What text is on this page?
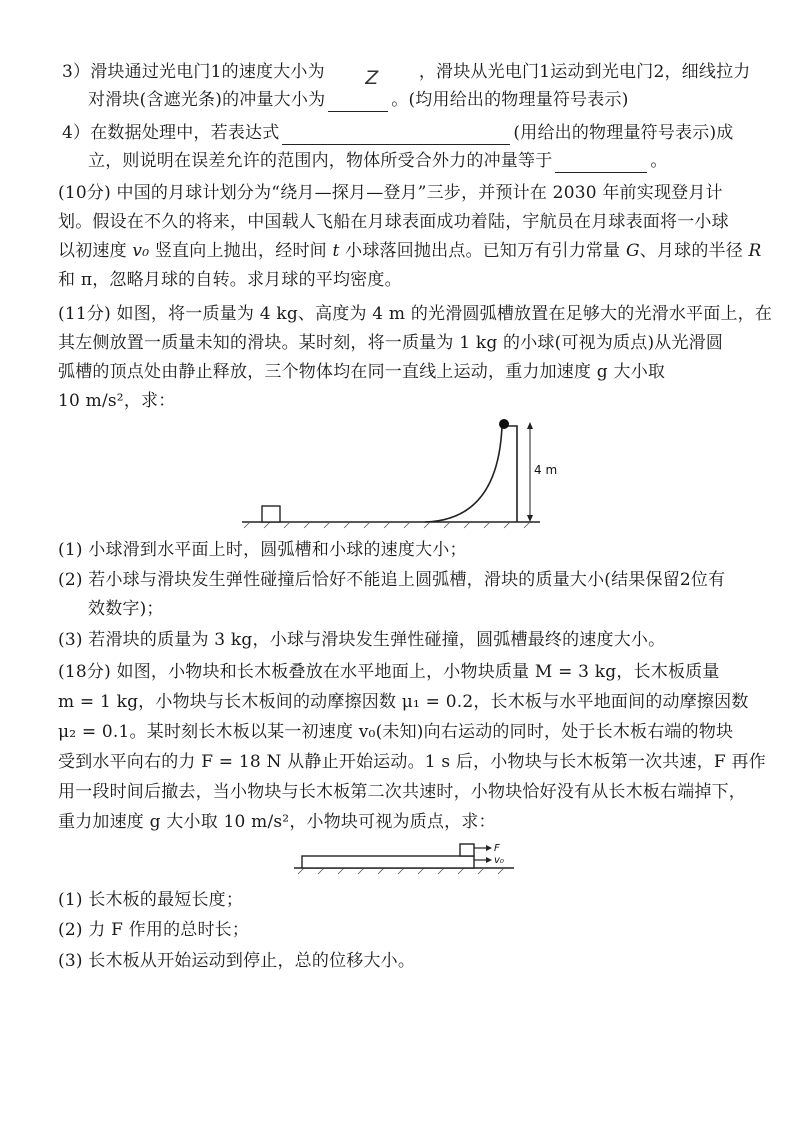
3）滑块通过光电门1的速度大小为 Z ，滑块从光电门1运动到光电门2，细线拉力
对滑块(含遮光条)的冲量大小为	。(均用给出的物理量符号表示)
4）在数据处理中，若表达式	(用给出的物理量符号表示)成
立，则说明在误差允许的范围内，物体所受合外力的冲量等于	。
(10分) 中国的月球计划分为“绕月—探月—登月”三步，并预计在 2030 年前实现登月计
划。假设在不久的将来，中国载人飞船在月球表面成功着陆，宇航员在月球表面将一小球
以初速度 v₀ 竖直向上抛出，经时间 t 小球落回抛出点。已知万有引力常量 G、月球的半径 R
和 π，忽略月球的自转。求月球的平均密度。
(11分) 如图，将一质量为 4 kg、高度为 4 m 的光滑圆弧槽放置在足够大的光滑水平面上，在
其左侧放置一质量未知的滑块。某时刻，将一质量为 1 kg 的小球(可视为质点)从光滑圆
弧槽的顶点处由静止释放，三个物体均在同一直线上运动，重力加速度 g 大小取
10 m/s²，求：
4 m
(1) 小球滑到水平面上时，圆弧槽和小球的速度大小；
(2) 若小球与滑块发生弹性碰撞后恰好不能追上圆弧槽，滑块的质量大小(结果保留2位有
效数字)；
(3) 若滑块的质量为 3 kg，小球与滑块发生弹性碰撞，圆弧槽最终的速度大小。
(18分) 如图，小物块和长木板叠放在水平地面上，小物块质量 M = 3 kg，长木板质量
m = 1 kg，小物块与长木板间的动摩擦因数 μ₁ = 0.2，长木板与水平地面间的动摩擦因数
μ₂ = 0.1。某时刻长木板以某一初速度 v₀(未知)向右运动的同时，处于长木板右端的物块
受到水平向右的力 F = 18 N 从静止开始运动。1 s 后，小物块与长木板第一次共速，F 再作
用一段时间后撤去，当小物块与长木板第二次共速时，小物块恰好没有从长木板右端掉下，
重力加速度 g 大小取 10 m/s²，小物块可视为质点，求：
F
v₀
(1) 长木板的最短长度；
(2) 力 F 作用的总时长；
(3) 长木板从开始运动到停止，总的位移大小。
